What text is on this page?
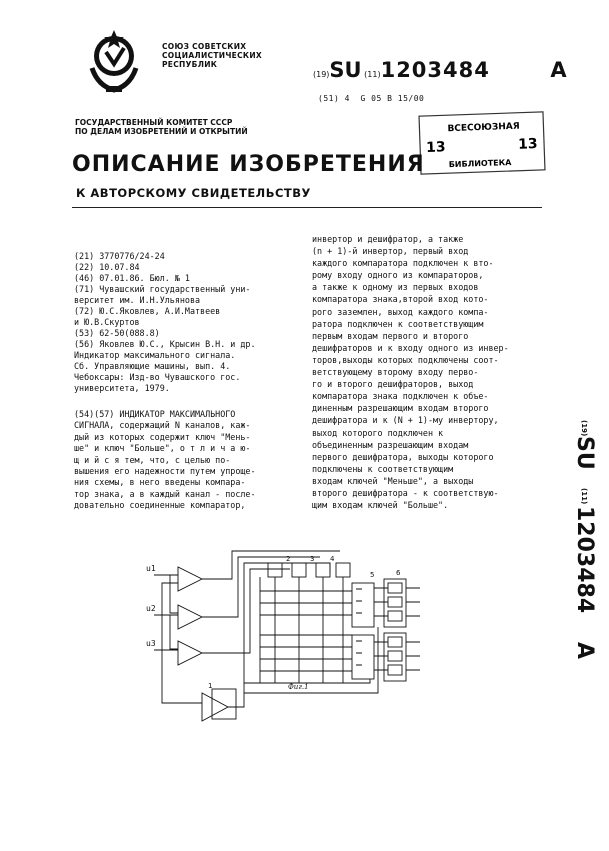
СОЮЗ СОВЕТСКИХ
СОЦИАЛИСТИЧЕСКИХ
РЕСПУБЛИК
(19)SU (11)1203484	A
(51) 4 G 05 B 15/00
ГОСУДАРСТВЕННЫЙ КОМИТЕТ СССР
ПО ДЕЛАМ ИЗОБРЕТЕНИЙ И ОТКРЫТИЙ	ВСЕСОЮЗНАЯ
13	13
БИБЛИОТЕКА
ОПИСАНИЕ ИЗОБРЕТЕНИЯ
К АВТОРСКОМУ СВИДЕТЕЛЬСТВУ
(21) 3770776/24-24
(22) 10.07.84
(46) 07.01.86. Бюл. № 1
(71) Чувашский государственный уни-
верситет им. И.Н.Ульянова
(72) Ю.С.Яковлев, А.И.Матвеев
и Ю.В.Скуртов
(53) 62-50(088.8)
(56) Яковлев Ю.С., Крысин В.Н. и др.
Индикатор максимального сигнала.
Сб. Управляющие машины, вып. 4.
Чебоксары: Изд-во Чувашского гос.
университета, 1979.
(54)(57) ИНДИКАТОР МАКСИМАЛЬНОГО
СИГНАЛА, содержащий N каналов, каж-
дый из которых содержит ключ "Мень-
ше" и ключ "Больше", о т л и ч а ю-
щ и й с я тем, что, с целью по-
вышения его надежности путем упроще-
ния схемы, в него введены компара-
тор знака, а в каждый канал - после-
довательно соединенные компаратор,
инвертор и дешифратор, а также
(n + 1)-й инвертор, первый вход
каждого компаратора подключен к вто-
рому входу одного из компараторов,
а также к одному из первых входов
компаратора знака,второй вход кото-
рого заземлен, выход каждого компа-
ратора подключен к соответствующим
первым входам первого и второго
дешифраторов и к входу одного из инвер-
торов,выходы которых подключены соот-
ветствующему второму входу перво-
го и второго дешифраторов, выход
компаратора знака подключен к объе-
диненным разрешающим входам второго
дешифратора и к (N + 1)-му инвертору,
выход которого подключен к
объединенным разрешающим входам
первого дешифратора, выходы которого
подключены к соответствующим
входам ключей "Меньше", а выходы
второго дешифратора - к соответствую-
щим входам ключей "Больше".
(19)
SU
(11)
1203484
A
u1
u2
u3
1
2	3 4
5	6
Фиг.1
